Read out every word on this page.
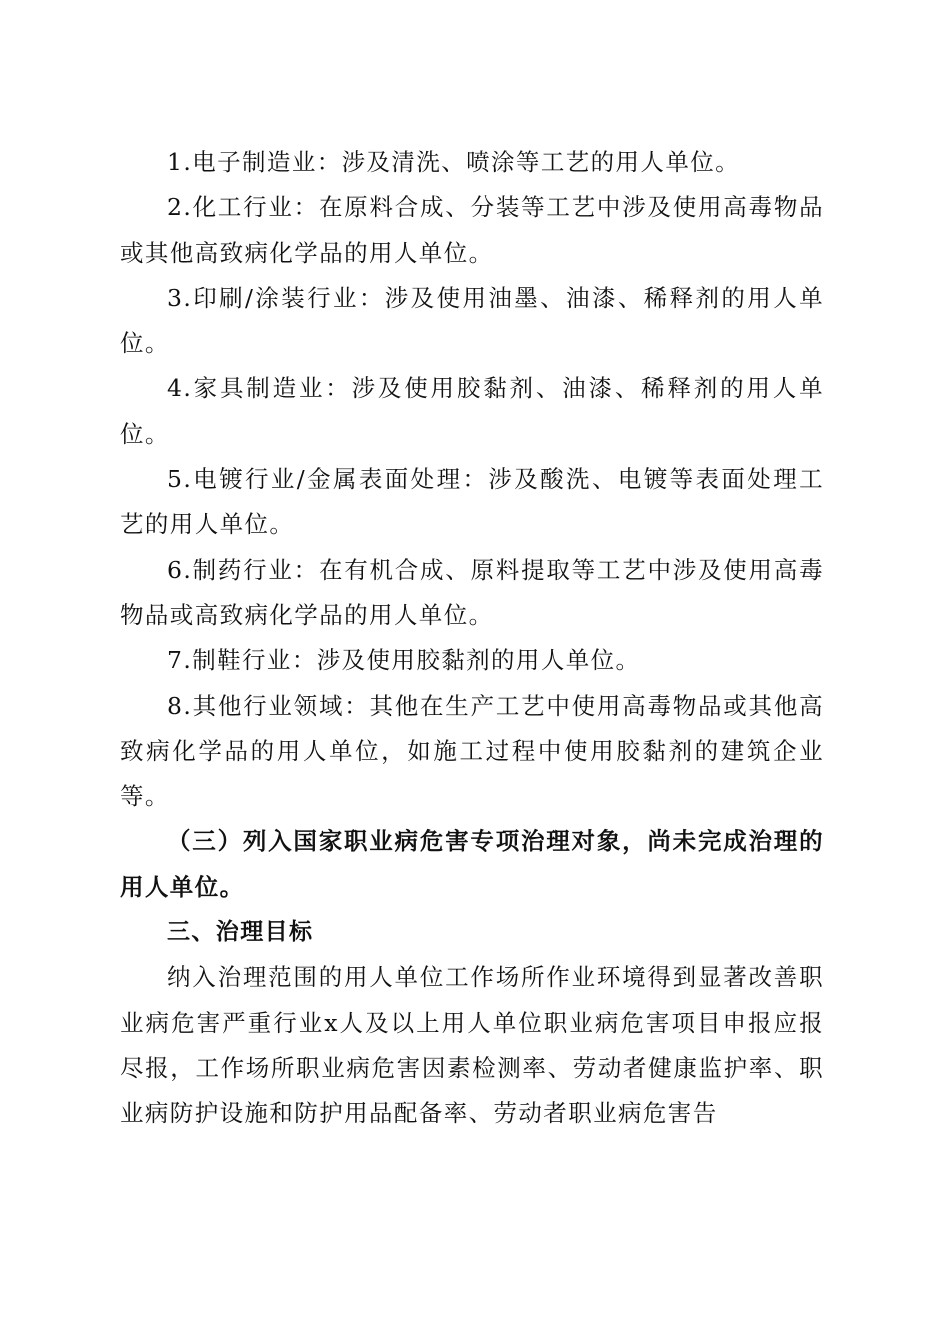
1.电子制造业：涉及清洗、喷涂等工艺的用人单位。

2.化工行业：在原料合成、分装等工艺中涉及使用高毒物品或其他高致病化学品的用人单位。

3.印刷/涂装行业：涉及使用油墨、油漆、稀释剂的用人单位。

4.家具制造业：涉及使用胶黏剂、油漆、稀释剂的用人单位。

5.电镀行业/金属表面处理：涉及酸洗、电镀等表面处理工艺的用人单位。

6.制药行业：在有机合成、原料提取等工艺中涉及使用高毒物品或高致病化学品的用人单位。

7.制鞋行业：涉及使用胶黏剂的用人单位。

8.其他行业领域：其他在生产工艺中使用高毒物品或其他高致病化学品的用人单位，如施工过程中使用胶黏剂的建筑企业等。

（三）列入国家职业病危害专项治理对象，尚未完成治理的用人单位。

三、治理目标

纳入治理范围的用人单位工作场所作业环境得到显著改善职业病危害严重行业x人及以上用人单位职业病危害项目申报应报尽报，工作场所职业病危害因素检测率、劳动者健康监护率、职业病防护设施和防护用品配备率、劳动者职业病危害告
